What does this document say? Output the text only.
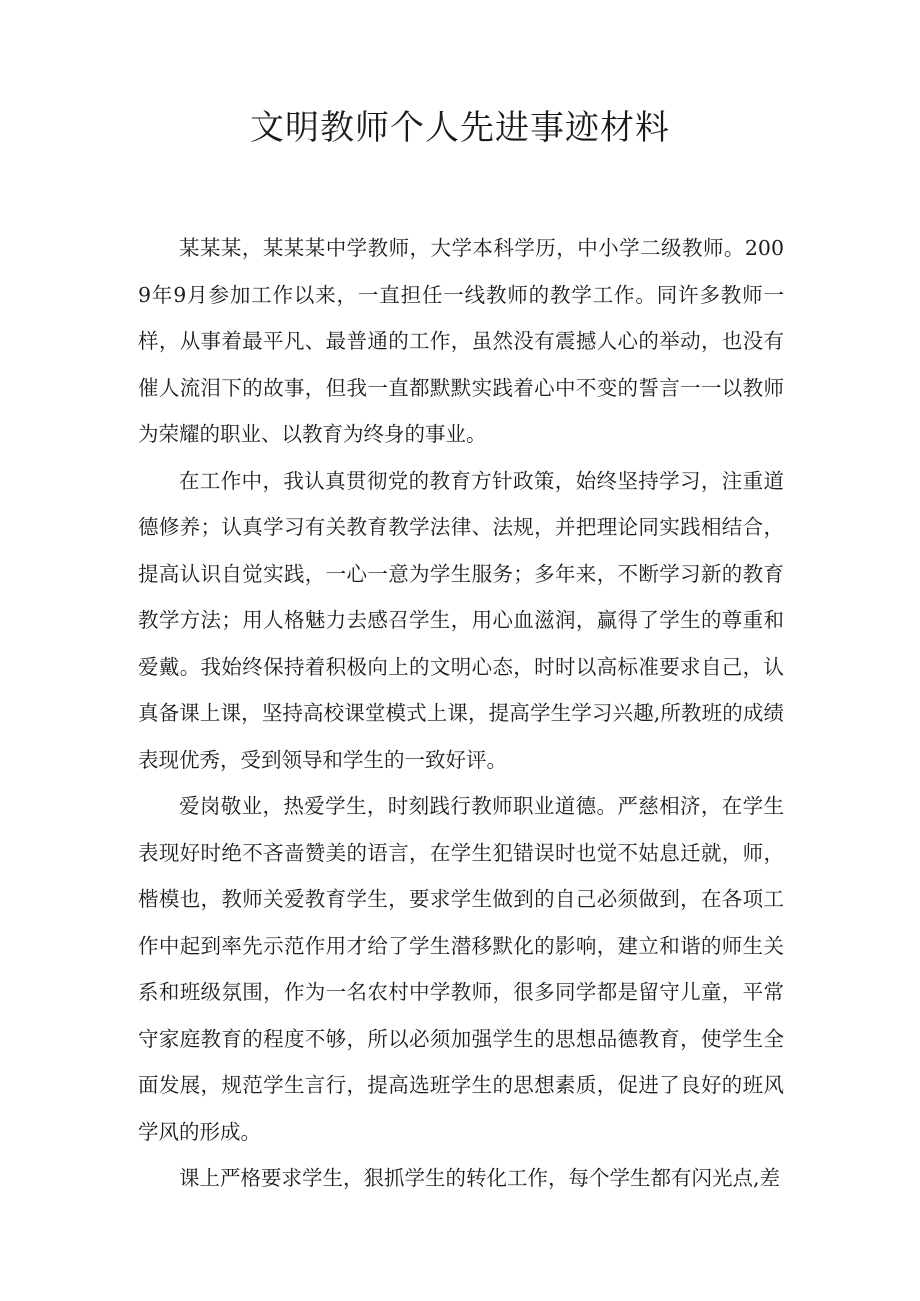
文明教师个人先进事迹材料

某某某，某某某中学教师，大学本科学历，中小学二级教师。2009年9月参加工作以来，一直担任一线教师的教学工作。同许多教师一样，从事着最平凡、最普通的工作，虽然没有震撼人心的举动，也没有催人流泪下的故事，但我一直都默默实践着心中不变的誓言一一以教师为荣耀的职业、以教育为终身的事业。

在工作中，我认真贯彻党的教育方针政策，始终坚持学习，注重道德修养；认真学习有关教育教学法律、法规，并把理论同实践相结合，提高认识自觉实践，一心一意为学生服务；多年来，不断学习新的教育教学方法；用人格魅力去感召学生，用心血滋润，赢得了学生的尊重和爱戴。我始终保持着积极向上的文明心态，时时以高标准要求自己，认真备课上课，坚持高校课堂模式上课，提高学生学习兴趣,所教班的成绩表现优秀，受到领导和学生的一致好评。

爱岗敬业，热爱学生，时刻践行教师职业道德。严慈相济，在学生表现好时绝不吝啬赞美的语言，在学生犯错误时也觉不姑息迁就，师，楷模也，教师关爱教育学生，要求学生做到的自己必须做到，在各项工作中起到率先示范作用才给了学生潜移默化的影响，建立和谐的师生关系和班级氛围，作为一名农村中学教师，很多同学都是留守儿童，平常守家庭教育的程度不够，所以必须加强学生的思想品德教育，使学生全面发展，规范学生言行，提高选班学生的思想素质，促进了良好的班风学风的形成。

课上严格要求学生，狠抓学生的转化工作，每个学生都有闪光点,差
